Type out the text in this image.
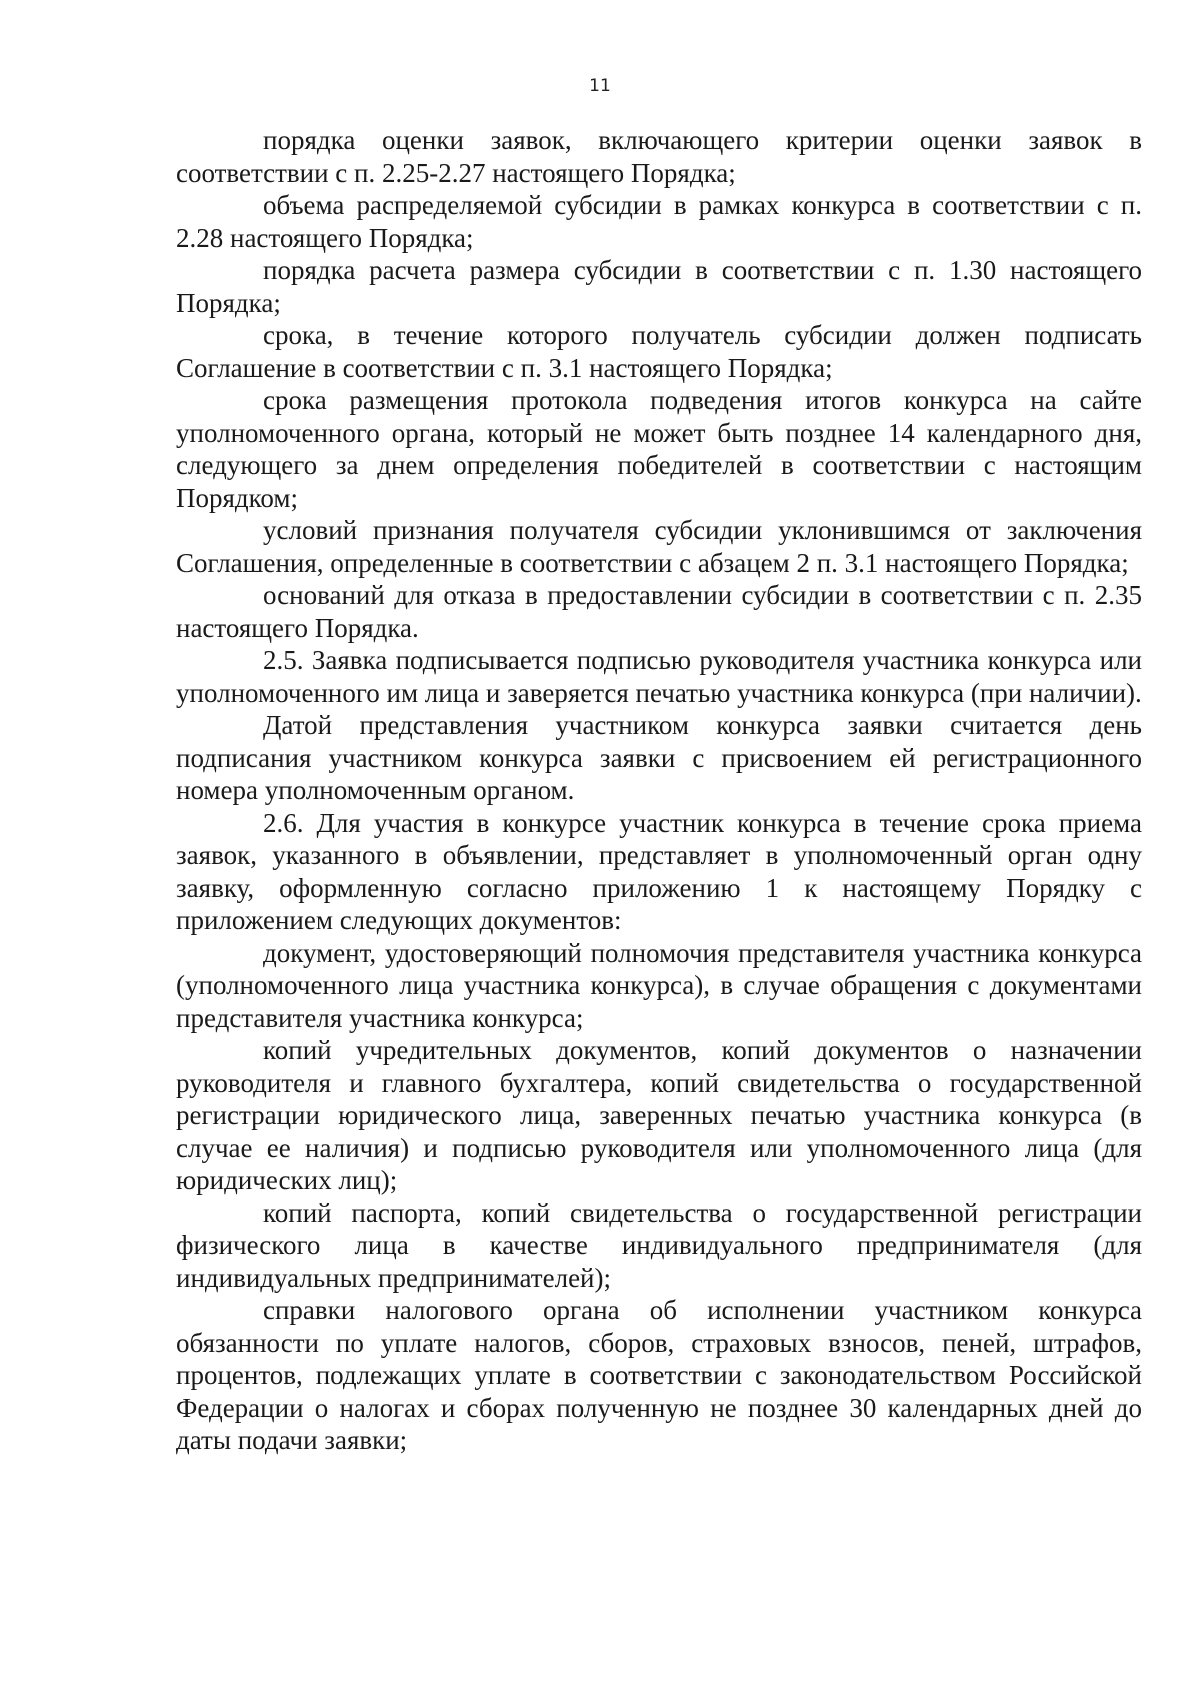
11

порядка оценки заявок, включающего критерии оценки заявок в соответствии с п. 2.25-2.27 настоящего Порядка;

объема распределяемой субсидии в рамках конкурса в соответствии с п. 2.28 настоящего Порядка;

порядка расчета размера субсидии в соответствии с п. 1.30 настоящего Порядка;

срока, в течение которого получатель субсидии должен подписать Соглашение в соответствии с п. 3.1 настоящего Порядка;

срока размещения протокола подведения итогов конкурса на сайте уполномоченного органа, который не может быть позднее 14 календарного дня, следующего за днем определения победителей в соответствии с настоящим Порядком;

условий признания получателя субсидии уклонившимся от заключения Соглашения, определенные в соответствии с абзацем 2 п. 3.1 настоящего Порядка;

оснований для отказа в предоставлении субсидии в соответствии с п. 2.35 настоящего Порядка.

2.5. Заявка подписывается подписью руководителя участника конкурса или уполномоченного им лица и заверяется печатью участника конкурса (при наличии).

Датой представления участником конкурса заявки считается день подписания участником конкурса заявки с присвоением ей регистрационного номера уполномоченным органом.

2.6. Для участия в конкурсе участник конкурса в течение срока приема заявок, указанного в объявлении, представляет в уполномоченный орган одну заявку, оформленную согласно приложению 1 к настоящему Порядку с приложением следующих документов:

документ, удостоверяющий полномочия представителя участника конкурса (уполномоченного лица участника конкурса), в случае обращения с документами представителя участника конкурса;

копий учредительных документов, копий документов о назначении руководителя и главного бухгалтера, копий свидетельства о государственной регистрации юридического лица, заверенных печатью участника конкурса (в случае ее наличия) и подписью руководителя или уполномоченного лица (для юридических лиц);

копий паспорта, копий свидетельства о государственной регистрации физического лица в качестве индивидуального предпринимателя (для индивидуальных предпринимателей);

справки налогового органа об исполнении участником конкурса обязанности по уплате налогов, сборов, страховых взносов, пеней, штрафов, процентов, подлежащих уплате в соответствии с законодательством Российской Федерации о налогах и сборах полученную не позднее 30 календарных дней до даты подачи заявки;
